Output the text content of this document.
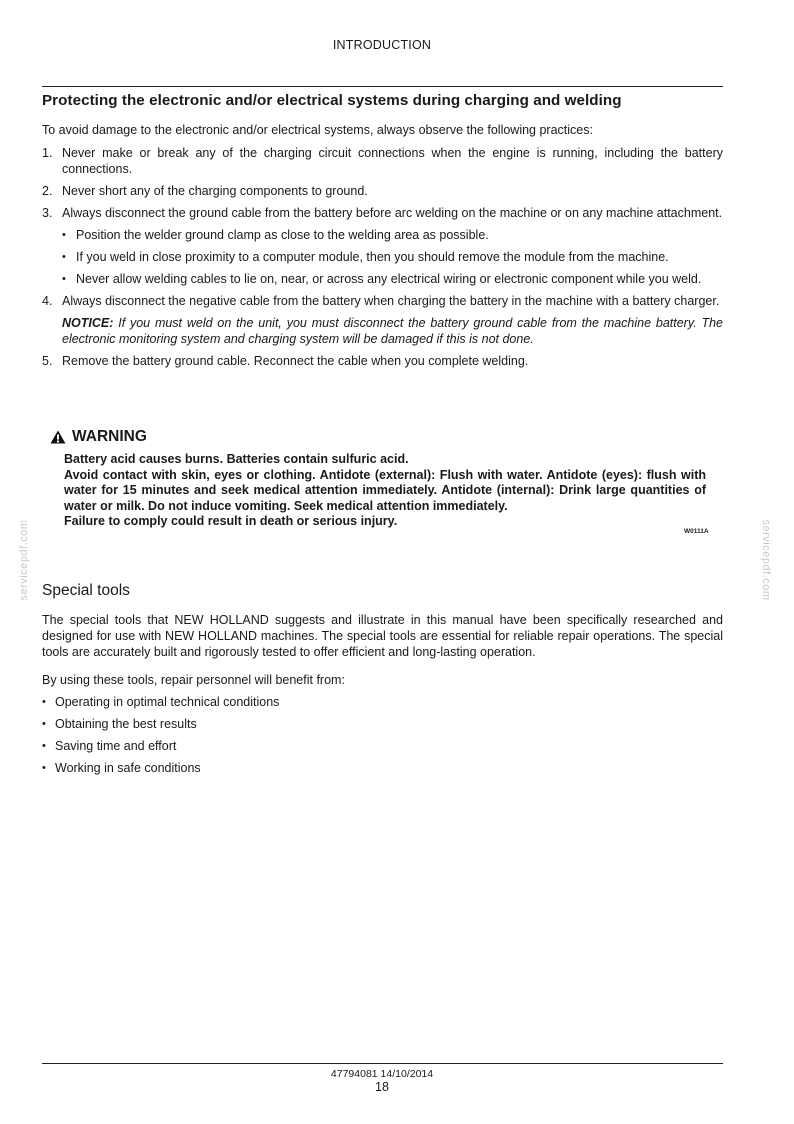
INTRODUCTION
Protecting the electronic and/or electrical systems during charging and welding
To avoid damage to the electronic and/or electrical systems, always observe the following practices:
1. Never make or break any of the charging circuit connections when the engine is running, including the battery connections.
2. Never short any of the charging components to ground.
3. Always disconnect the ground cable from the battery before arc welding on the machine or on any machine attachment.
• Position the welder ground clamp as close to the welding area as possible.
• If you weld in close proximity to a computer module, then you should remove the module from the machine.
• Never allow welding cables to lie on, near, or across any electrical wiring or electronic component while you weld.
4. Always disconnect the negative cable from the battery when charging the battery in the machine with a battery charger.
NOTICE: If you must weld on the unit, you must disconnect the battery ground cable from the machine battery. The electronic monitoring system and charging system will be damaged if this is not done.
5. Remove the battery ground cable. Reconnect the cable when you complete welding.
WARNING
Battery acid causes burns. Batteries contain sulfuric acid.
Avoid contact with skin, eyes or clothing. Antidote (external): Flush with water. Antidote (eyes): flush with water for 15 minutes and seek medical attention immediately. Antidote (internal): Drink large quantities of water or milk. Do not induce vomiting. Seek medical attention immediately.
Failure to comply could result in death or serious injury.
W0111A
Special tools
The special tools that NEW HOLLAND suggests and illustrate in this manual have been specifically researched and designed for use with NEW HOLLAND machines. The special tools are essential for reliable repair operations. The special tools are accurately built and rigorously tested to offer efficient and long-lasting operation.
By using these tools, repair personnel will benefit from:
• Operating in optimal technical conditions
• Obtaining the best results
• Saving time and effort
• Working in safe conditions
servicepdf.com	servicepdf.com
47794081 14/10/2014
18
